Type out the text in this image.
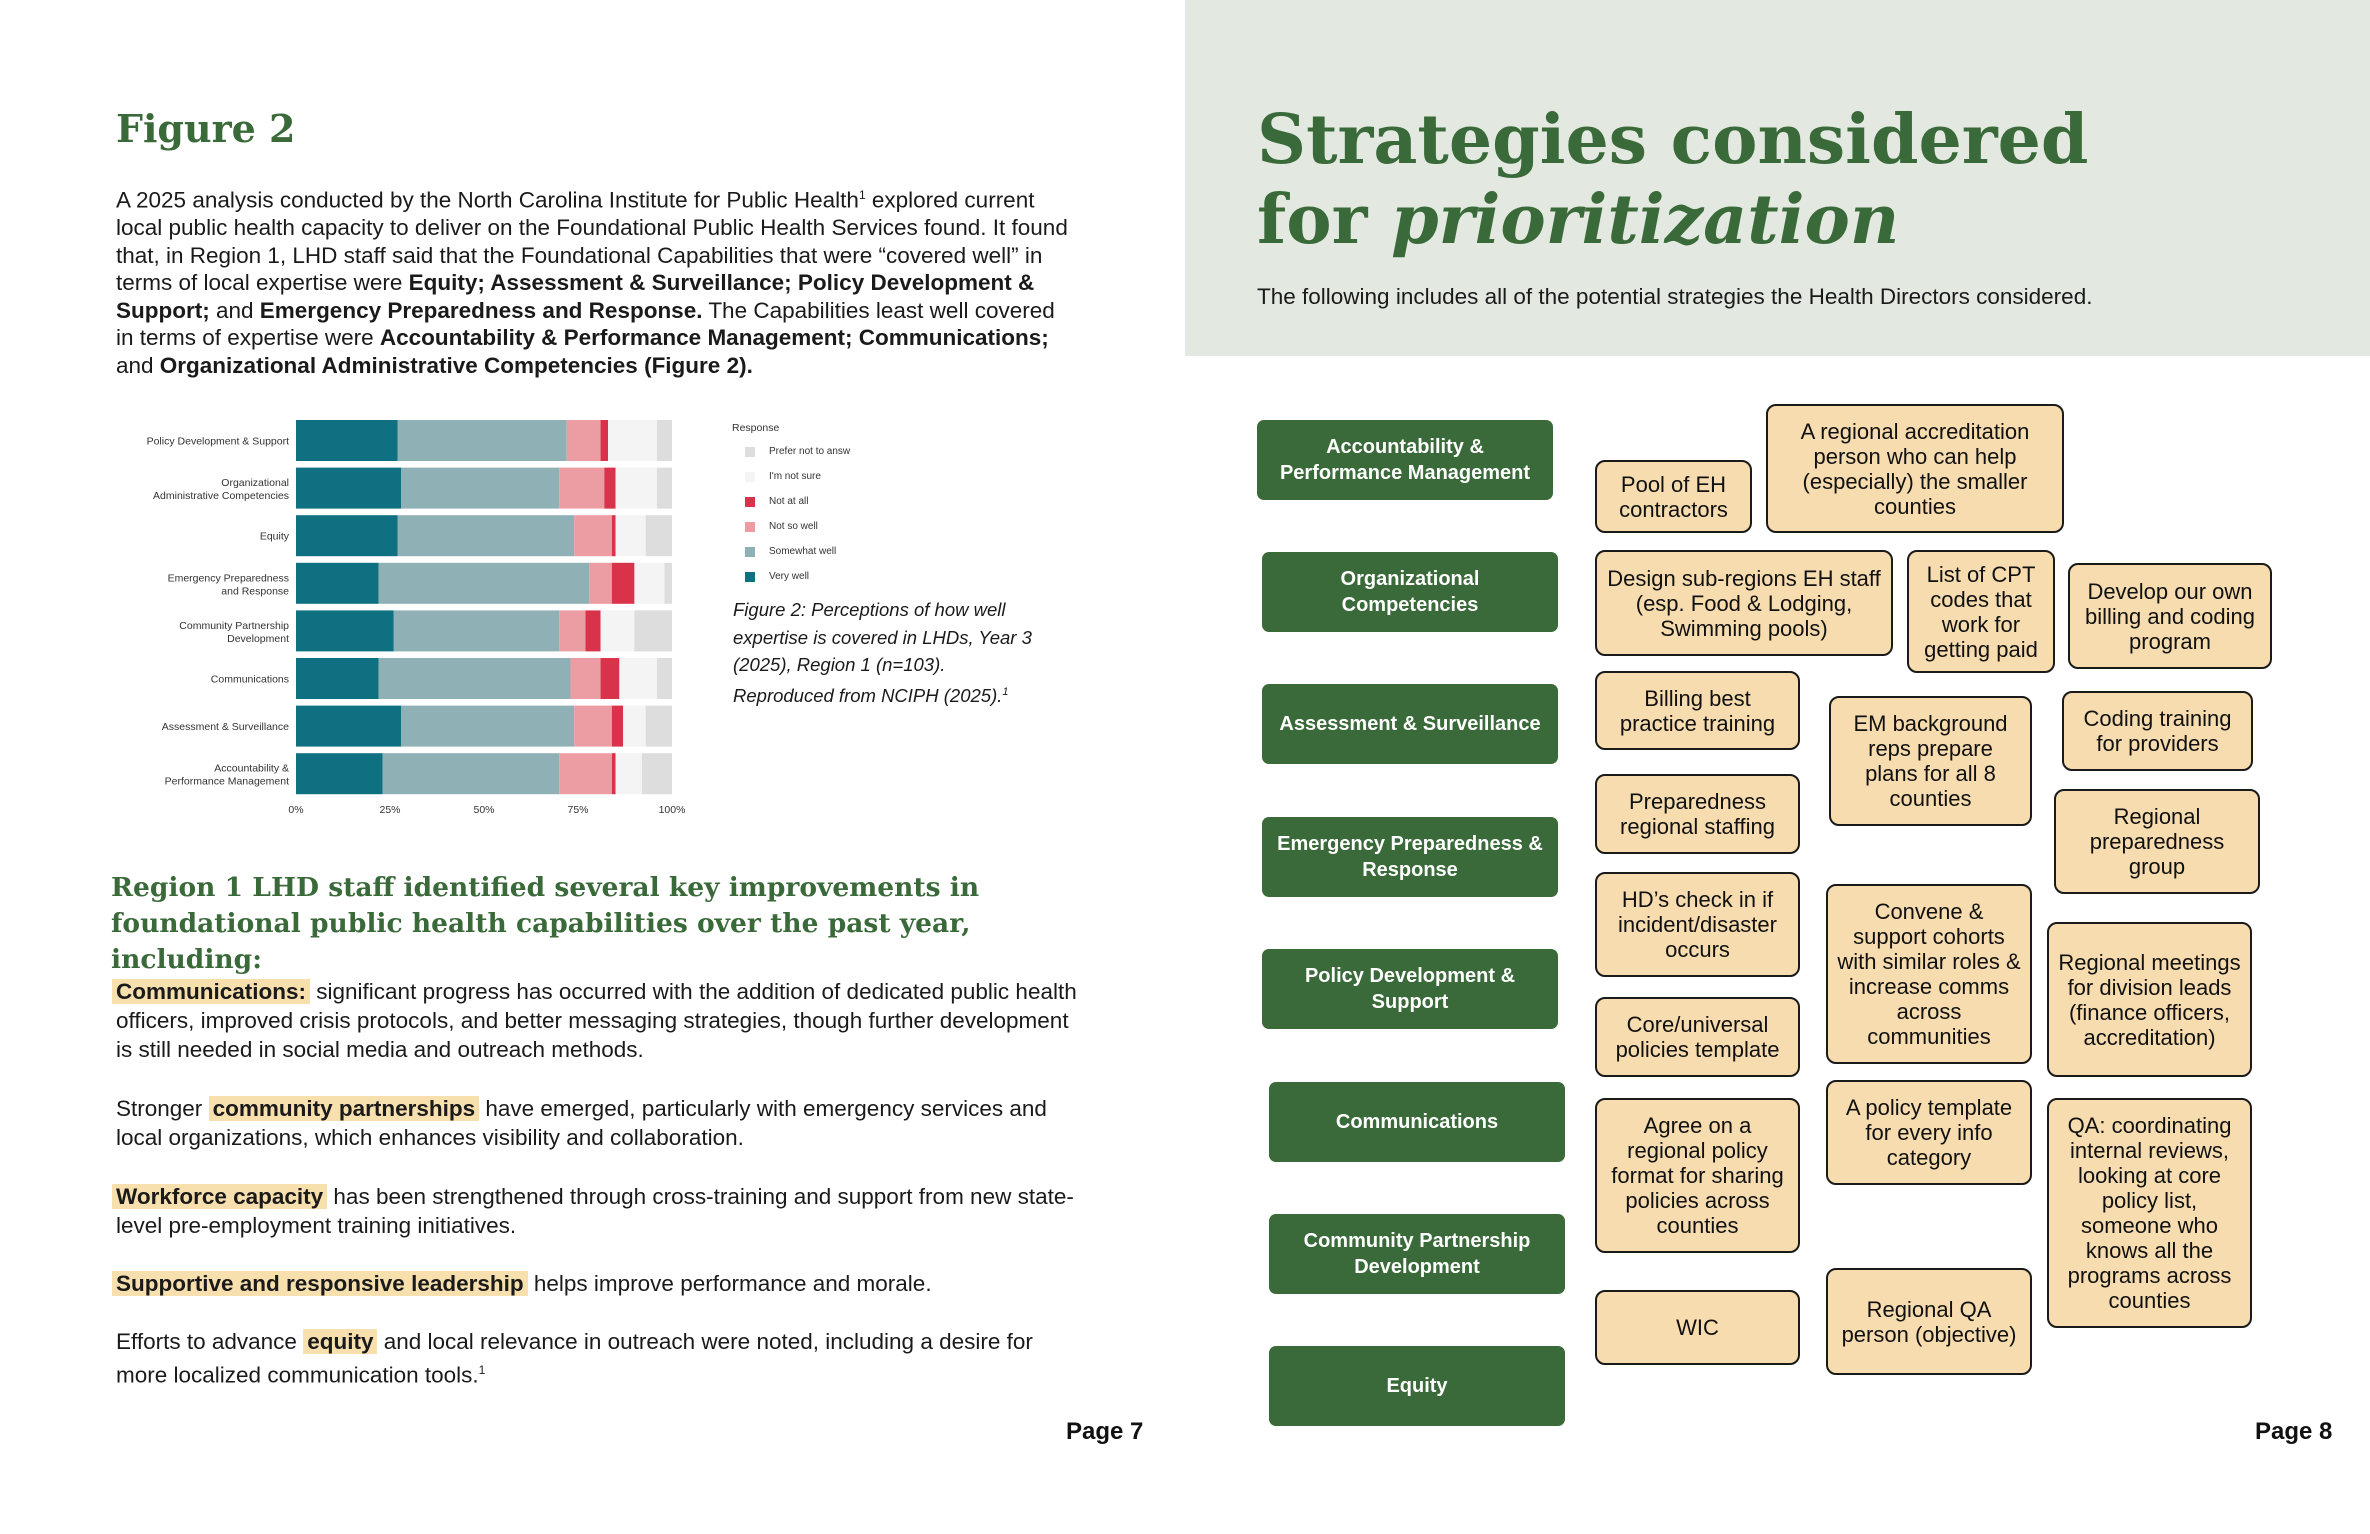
Figure 2

A 2025 analysis conducted by the North Carolina Institute for Public Health$^1$ explored current local public health capacity to deliver on the Foundational Public Health Services found. It found that, in Region 1, LHD staff said that the Foundational Capabilities that were “covered well” in terms of local expertise were Equity; Assessment & Surveillance; Policy Development & Support; and Emergency Preparedness and Response. The Capabilities least well covered in terms of expertise were Accountability & Performance Management; Communications; and Organizational Administrative Competencies (Figure 2).

Policy Development & Support
Organizational Administrative Competencies
Equity
Emergency Preparedness and Response
Community Partnership Development
Communications
Assessment & Surveillance
Accountability & Performance Management
0%	25%	50%	75%	100%
Response
Prefer not to answ
I'm not sure
Not at all
Not so well
Somewhat well
Very well

Figure 2: Perceptions of how well expertise is covered in LHDs, Year 3 (2025), Region 1 (n=103). Reproduced from NCIPH (2025).$^1$

Region 1 LHD staff identified several key improvements in foundational public health capabilities over the past year, including:

Communications: significant progress has occurred with the addition of dedicated public health officers, improved crisis protocols, and better messaging strategies, though further development is still needed in social media and outreach methods.

Stronger community partnerships have emerged, particularly with emergency services and local organizations, which enhances visibility and collaboration.

Workforce capacity has been strengthened through cross-training and support from new state-level pre-employment training initiatives.

Supportive and responsive leadership helps improve performance and morale.

Efforts to advance equity and local relevance in outreach were noted, including a desire for more localized communication tools.$^1$

Page 7
Strategies considered
for prioritization

The following includes all of the potential strategies the Health Directors considered.

Accountability & Performance Management
Organizational Competencies
Assessment & Surveillance
Emergency Preparedness & Response
Policy Development & Support
Communications
Community Partnership Development
Equity
Pool of EH contractors
A regional accreditation person who can help (especially) the smaller counties
Design sub-regions EH staff (esp. Food & Lodging, Swimming pools)
List of CPT codes that work for getting paid
Develop our own billing and coding program
Billing best practice training	EM background reps prepare plans for all 8 counties
Coding training for providers
Preparedness regional staffing	Regional preparedness group
HD’s check in if incident/disaster occurs
Convene & support cohorts with similar roles & increase comms across communities
Regional meetings for division leads (finance officers, accreditation)
Core/universal policies template
A policy template for every info category
Agree on a regional policy format for sharing policies across counties
QA: coordinating internal reviews, looking at core policy list, someone who knows all the programs across counties
WIC
Regional QA person (objective)
Page 8
